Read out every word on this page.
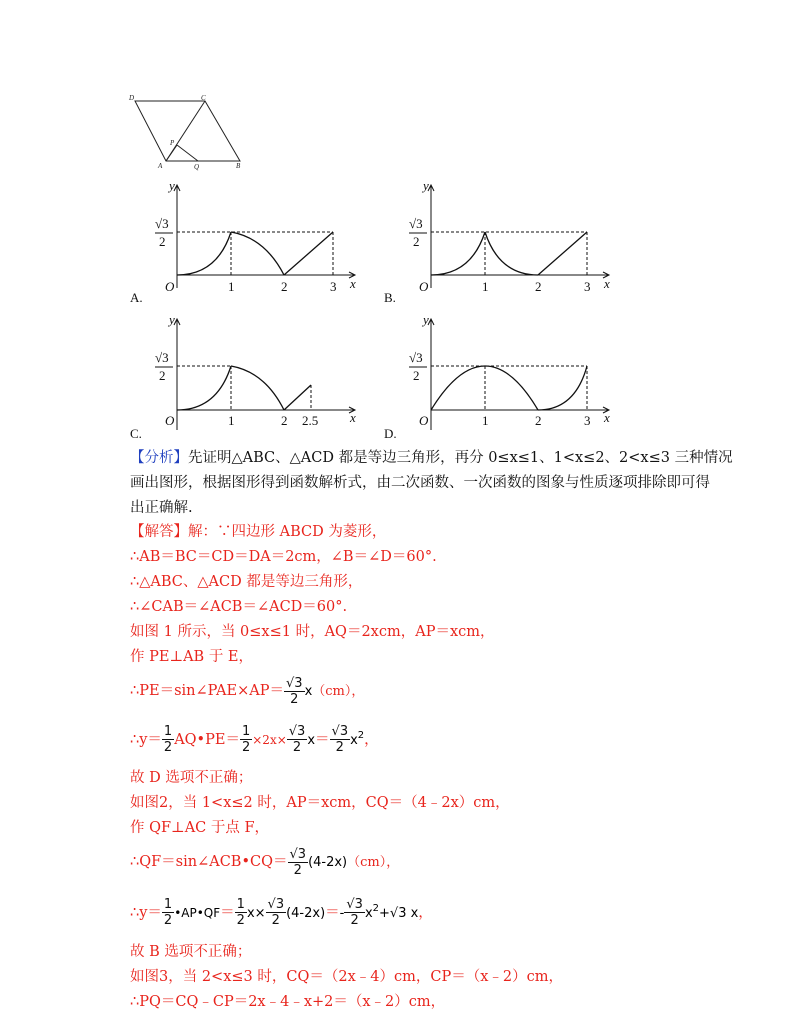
D	C
P
A	Q	B
y
√3
2
O	1	2	3 x
A.
y
√3
2
O	1	2	3 x
B.
y
√3
2
O	1	2 2.5 x
C.
y
√3
2
O	1	2	3 x
D.
【分析】先证明△ABC、△ACD 都是等边三角形，再分 0≤x≤1、1<x≤2、2<x≤3 三种情况
画出图形，根据图形得到函数解析式，由二次函数、一次函数的图象与性质逐项排除即可得
出正确解.
【解答】解：∵四边形 ABCD 为菱形，
∴AB＝BC＝CD＝DA＝2cm，∠B＝∠D＝60°.
∴△ABC、△ACD 都是等边三角形，
∴∠CAB＝∠ACB＝∠ACD＝60°.
如图 1 所示，当 0≤x≤1 时，AQ＝2xcm，AP＝xcm，
作 PE⊥AB 于 E，
∴PE＝sin∠PAE×AP＝ $\frac{√3}{2} x(cm)$，
∴y＝ $\frac{1}{2}$ AQ•PE＝ $\frac{1}{2} \times 2x\times \frac{√3}{2} x= \frac{√3}{2} x^2$，
故 D 选项不正确；
如图2，当 1<x≤2 时，AP＝xcm，CQ＝（4﹣2x）cm，
作 QF⊥AC 于点 F，
∴QF＝sin∠ACB•CQ＝ $\frac{√3}{2} (4-2x)(cm)$，
∴y＝ $\frac{1}{2}$ •AP•QF＝ $\frac{1}{2} x\times \frac{√3}{2} (4-2x)=- \frac{√3}{2} x^2+√3$ x，
故 B 选项不正确；
如图3，当 2<x≤3 时，CQ＝（2x﹣4）cm，CP＝（x﹣2）cm，
∴PQ＝CQ﹣CP＝2x﹣4﹣x+2＝（x﹣2）cm，
